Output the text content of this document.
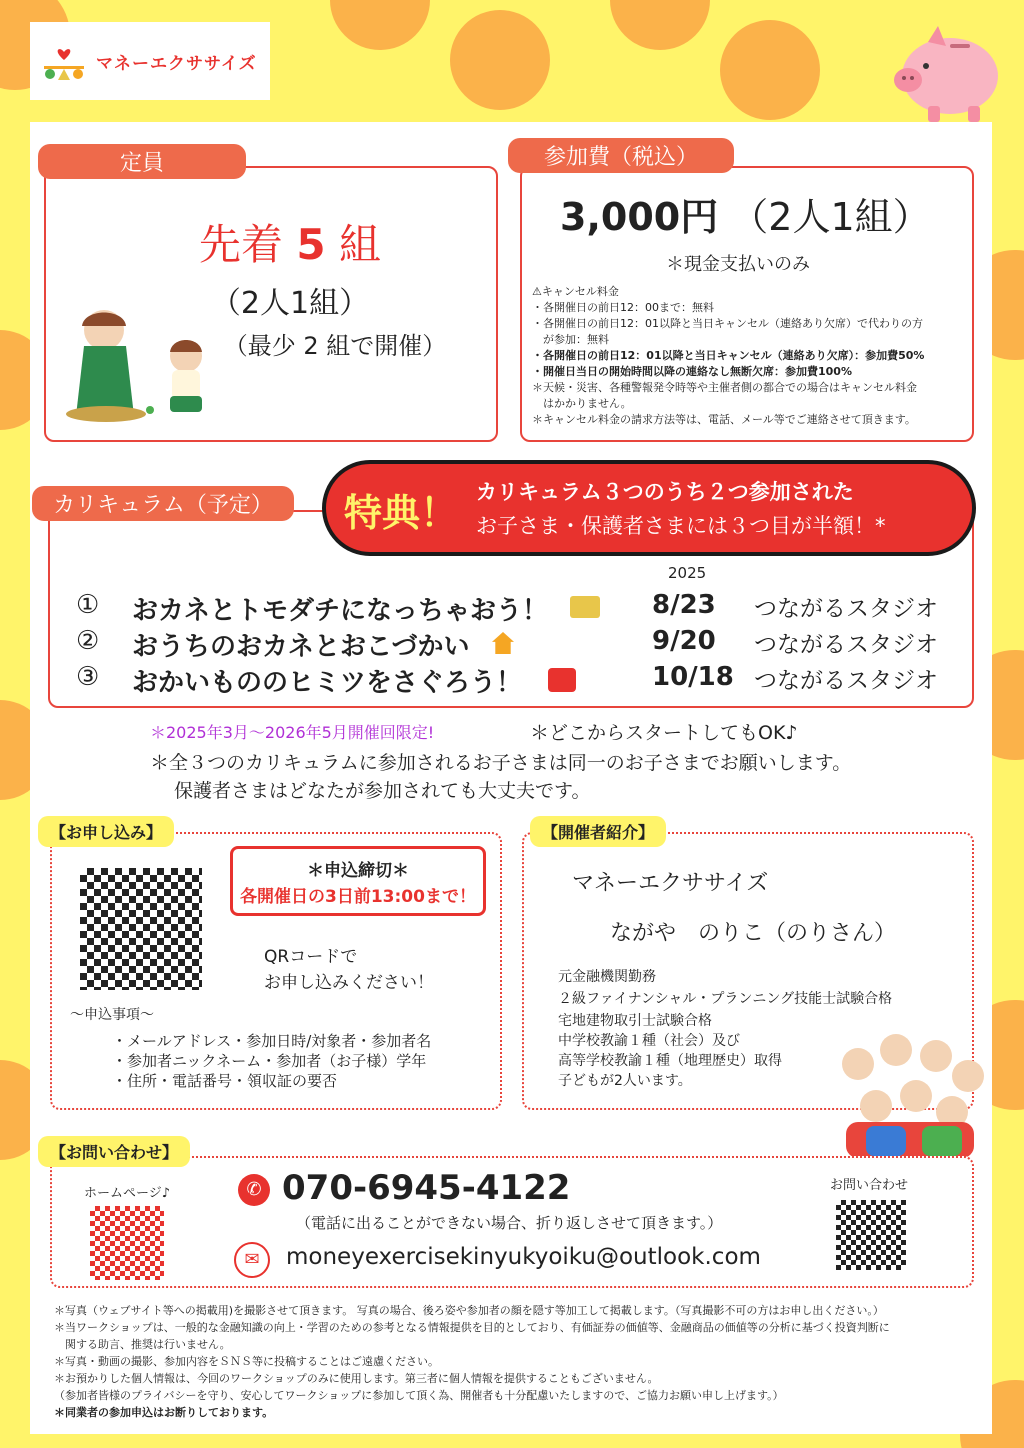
マネーエクササイズ
定員
先着 5 組
（2人1組）
（最少 2 組で開催）
参加費（税込）
3,000円 （2人1組）
＊現金支払いのみ
⚠キャンセル料金
・各開催日の前日12：00まで：無料
・各開催日の前日12：01以降と当日キャンセル（連絡あり欠席）で代わりの方
　が参加：無料
・各開催日の前日12：01以降と当日キャンセル（連絡あり欠席）：参加費50%
・開催日当日の開始時間以降の連絡なし無断欠席：参加費100%
＊天候・災害、各種警報発令時等や主催者側の都合での場合はキャンセル料金
　はかかりません。
＊キャンセル料金の請求方法等は、電話、メール等でご連絡させて頂きます。
カリキュラム（予定）	特典！ カリキュラム３つのうち２つ参加された
お子さま・保護者さまには３つ目が半額！*
2025
① おカネとトモダチになっちゃおう！	8/23 つながるスタジオ
② おうちのおカネとおこづかい	9/20 つながるスタジオ
③ おかいもののヒミツをさぐろう！	10/18 つながるスタジオ
＊2025年3月～2026年5月開催回限定!	＊どこからスタートしてもOK♪
＊全３つのカリキュラムに参加されるお子さまは同一のお子さまでお願いします。
保護者さまはどなたが参加されても大丈夫です。
【お申し込み】
＊申込締切＊
各開催日の3日前13:00まで！
QRコードで
お申し込みください！
～申込事項～
・メールアドレス・参加日時/対象者・参加者名
・参加者ニックネーム・参加者（お子様）学年
・住所・電話番号・領収証の要否
【開催者紹介】
マネーエクササイズ
ながや　のりこ（のりさん）
元金融機関勤務
２級ファイナンシャル・プランニング技能士試験合格
宅地建物取引士試験合格
中学校教諭１種（社会）及び
高等学校教諭１種（地理歴史）取得
子どもが2人います。
【お問い合わせ】
ホームページ♪	✆ 070-6945-4122
（電話に出ることができない場合、折り返しさせて頂きます。）
✉	moneyexercisekinyukyoiku@outlook.com
お問い合わせ
＊写真（ウェブサイト等への掲載用)を撮影させて頂きます。 写真の場合、後ろ姿や参加者の顔を隠す等加工して掲載します。（写真撮影不可の方はお申し出ください。）
＊当ワークショップは、一般的な金融知識の向上・学習のための参考となる情報提供を目的としており、有価証券の価値等、金融商品の価値等の分析に基づく投資判断に
　関する助言、推奨は行いません。
＊写真・動画の撮影、参加内容をＳＮＳ等に投稿することはご遠慮ください。
＊お預かりした個人情報は、今回のワークショップのみに使用します。第三者に個人情報を提供することもございません。
（参加者皆様のプライバシーを守り、安心してワークショップに参加して頂く為、開催者も十分配慮いたしますので、ご協力お願い申し上げます。）
＊同業者の参加申込はお断りしております。
